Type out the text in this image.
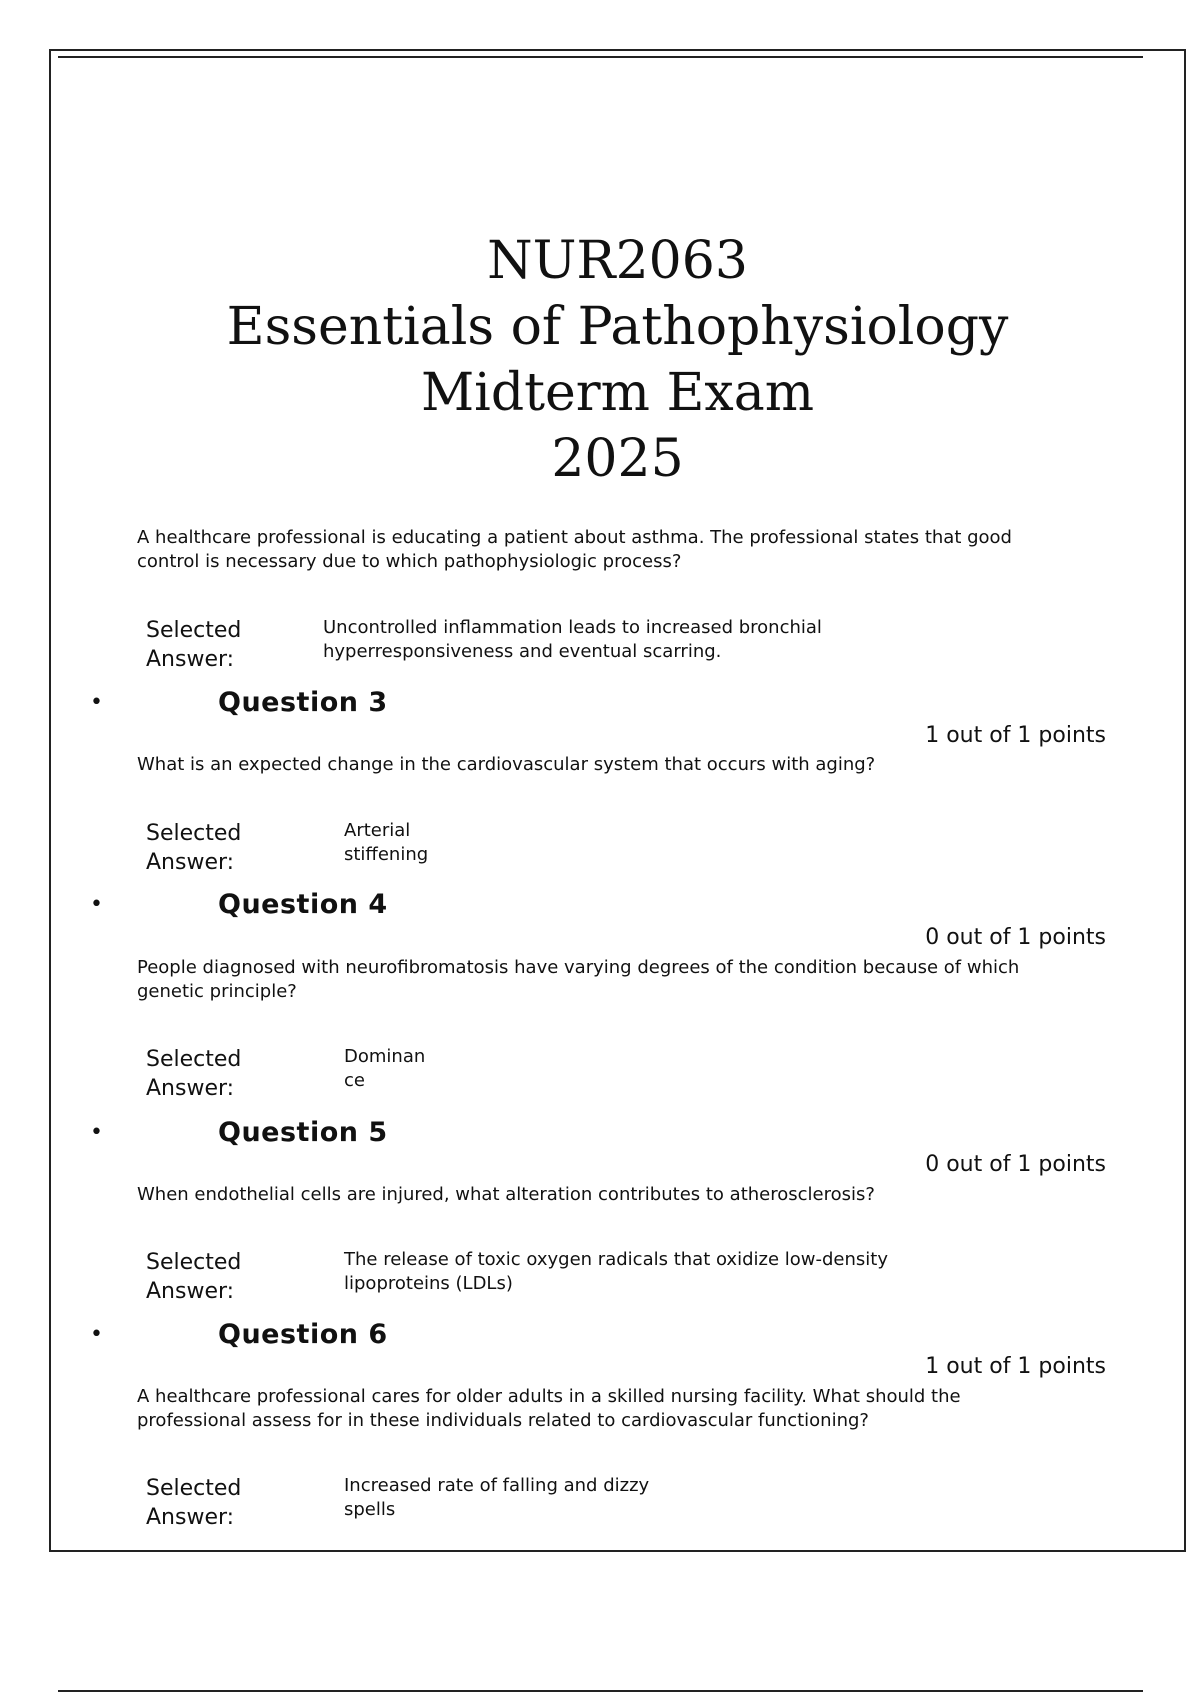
NUR2063
Essentials of Pathophysiology
Midterm Exam
2025
A healthcare professional is educating a patient about asthma. The professional states that good control is necessary due to which pathophysiologic process?
Selected
Answer:
Uncontrolled inflammation leads to increased bronchial hyperresponsiveness and eventual scarring.
•	Question 3
1 out of 1 points
What is an expected change in the cardiovascular system that occurs with aging?
Selected
Answer:
Arterial stiffening
•	Question 4
0 out of 1 points
People diagnosed with neurofibromatosis have varying degrees of the condition because of which genetic principle?
Selected
Answer:
Dominan ce
•	Question 5
0 out of 1 points
When endothelial cells are injured, what alteration contributes to atherosclerosis?
Selected
Answer:
The release of toxic oxygen radicals that oxidize low-density lipoproteins (LDLs)
•	Question 6
1 out of 1 points
A healthcare professional cares for older adults in a skilled nursing facility. What should the professional assess for in these individuals related to cardiovascular functioning?
Selected
Answer:
Increased rate of falling and dizzy spells
